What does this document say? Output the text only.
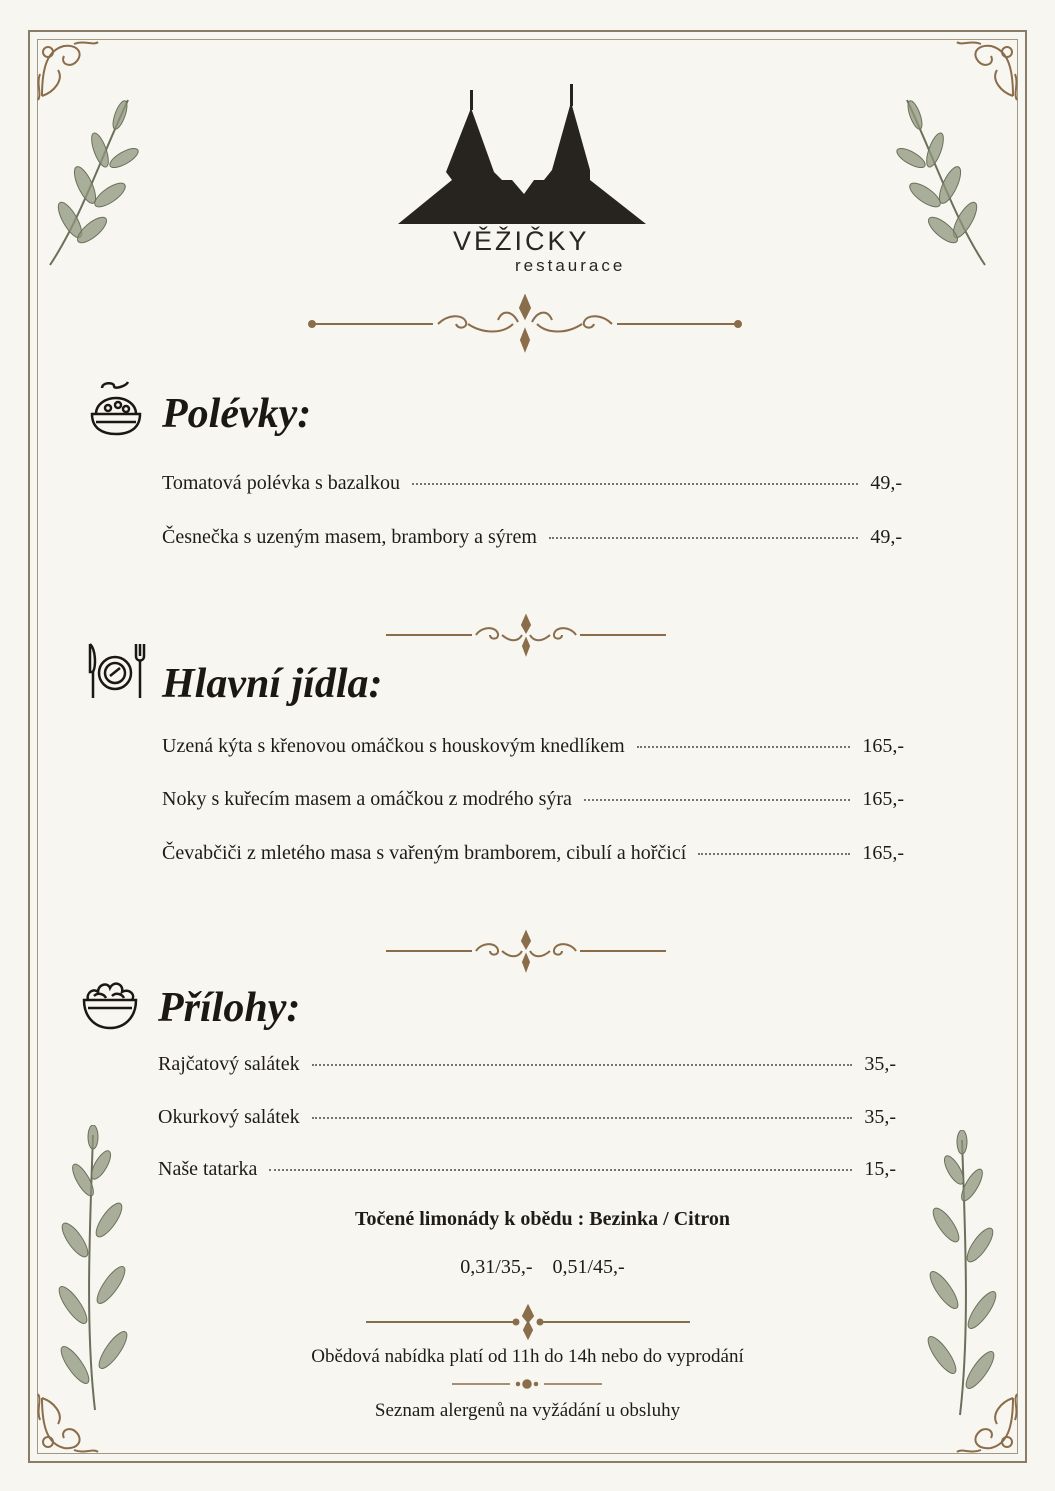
VĚŽIČKY
restaurace
Polévky:
Tomatová polévka s bazalkou	49,-
Česnečka s uzeným masem, brambory a sýrem	49,-
Hlavní jídla:
Uzená kýta s křenovou omáčkou s houskovým knedlíkem	165,-
Noky s kuřecím masem a omáčkou z modrého sýra	165,-
Čevabčiči z mletého masa s vařeným bramborem, cibulí a hořčicí	165,-
Přílohy:
Rajčatový salátek	35,-
Okurkový salátek	35,-
Naše tatarka	15,-
Točené limonády k obědu : Bezinka / Citron
0,31/35,-    0,51/45,-
Obědová nabídka platí od 11h do 14h nebo do vyprodání
Seznam alergenů na vyžádání u obsluhy
